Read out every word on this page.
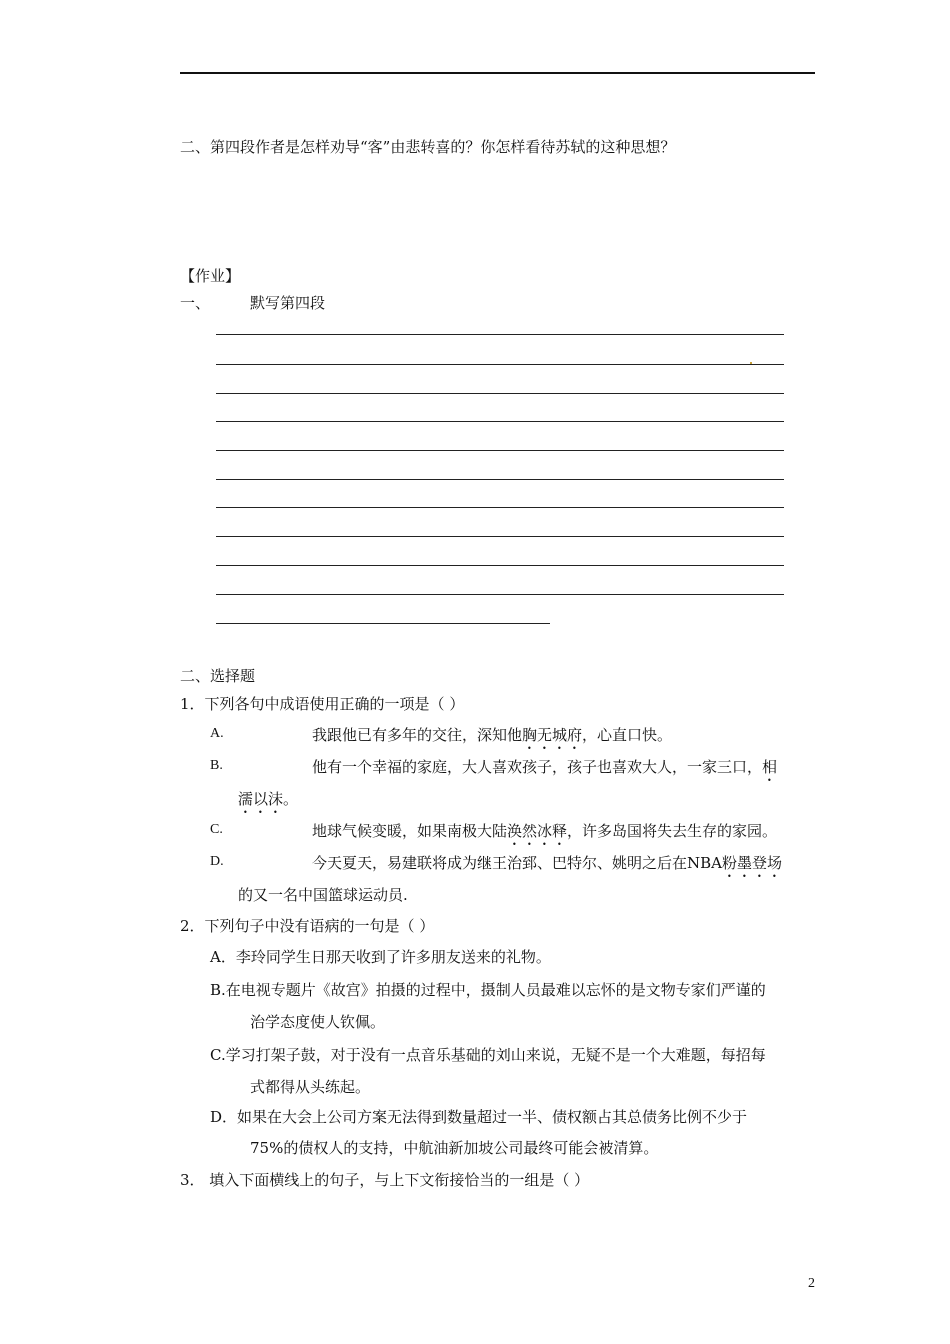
二、第四段作者是怎样劝导“客”由悲转喜的？你怎样看待苏轼的这种思想？
【作业】
一、	默写第四段
二、选择题
1．下列各句中成语使用正确的一项是（ ）
A.	我跟他已有多年的交往，深知他胸无城府，心直口快。
B.	他有一个幸福的家庭，大人喜欢孩子，孩子也喜欢大人，一家三口，相
濡以沫。
C.	地球气候变暖，如果南极大陆涣然冰释，许多岛国将失去生存的家园。
D.	今天夏天，易建联将成为继王治郅、巴特尔、姚明之后在NBA粉墨登场
的又一名中国篮球运动员.
2．下列句子中没有语病的一句是（ ）
A．李玲同学生日那天收到了许多朋友送来的礼物。
B.在电视专题片《故宫》拍摄的过程中，摄制人员最难以忘怀的是文物专家们严谨的
治学态度使人钦佩。
C.学习打架子鼓，对于没有一点音乐基础的刘山来说，无疑不是一个大难题，每招每
式都得从头练起。
D．如果在大会上公司方案无法得到数量超过一半、债权额占其总债务比例不少于
75%的债权人的支持，中航油新加坡公司最终可能会被清算。
3． 填入下面横线上的句子，与上下文衔接恰当的一组是（ ）
2
